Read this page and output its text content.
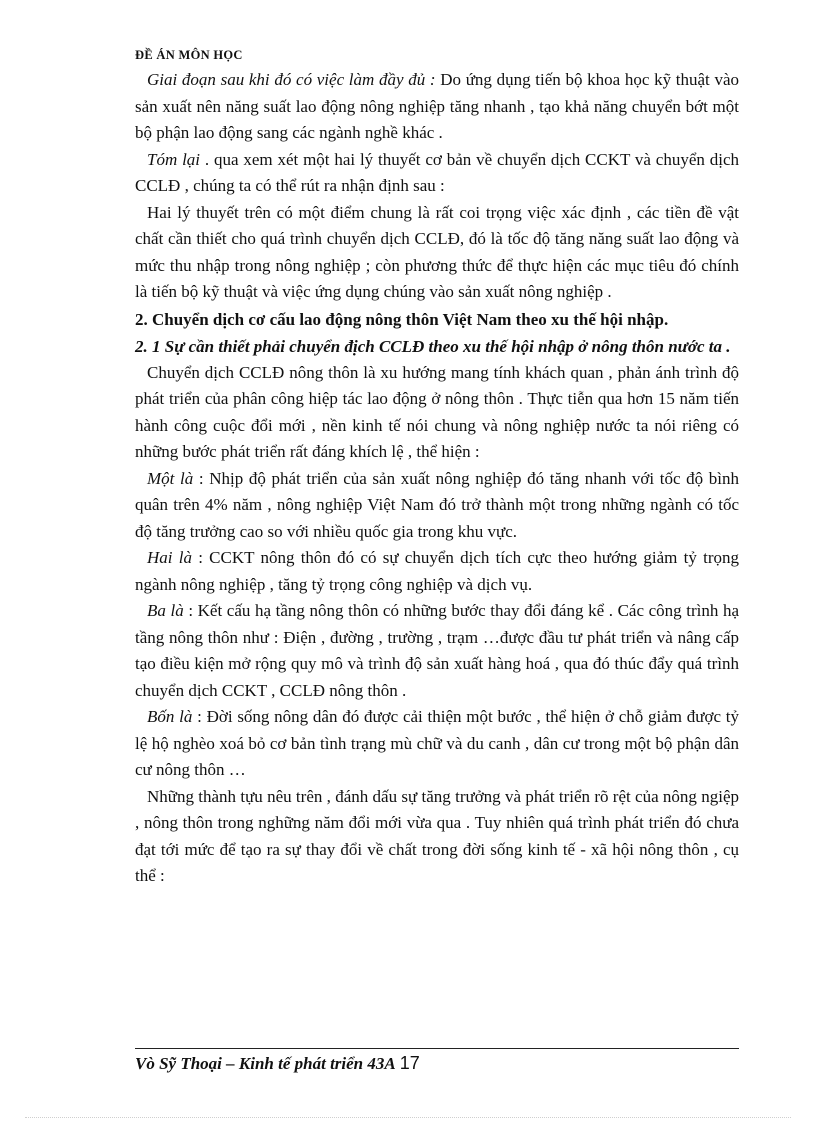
ĐỀ ÁN MÔN HỌC

Giai đoạn sau khi đó có việc làm đầy đủ : Do ứng dụng tiến bộ khoa học kỹ thuật vào sản xuất nên năng suất lao động nông nghiệp tăng nhanh , tạo khả năng chuyển bớt một bộ phận lao động sang các ngành nghề khác .

Tóm lại . qua xem xét một hai lý thuyết cơ bản về chuyển dịch CCKT và chuyển dịch CCLĐ , chúng ta có thể rút ra nhận định sau :

Hai lý thuyết trên có một điểm chung là rất coi trọng việc xác định , các tiền đề vật chất cần thiết cho quá trình chuyển dịch CCLĐ, đó là tốc độ tăng năng suất lao động và mức thu nhập trong nông nghiệp ; còn phương thức để thực hiện các mục tiêu đó chính là tiến bộ kỹ thuật và việc ứng dụng chúng vào sản xuất nông nghiệp .

2. Chuyển dịch cơ cấu lao động nông thôn Việt Nam theo xu thế hội nhập.
2. 1 Sự cần thiết phải chuyển địch CCLĐ theo xu thế hội nhập ở nông thôn nước ta .

Chuyển dịch CCLĐ nông thôn là xu hướng mang tính khách quan , phản ánh trình độ phát triển của phân công hiệp tác lao động ở nông thôn . Thực tiễn qua hơn 15 năm tiến hành công cuộc đổi mới , nền kinh tế nói chung và nông nghiệp nước ta nói riêng có những bước phát triển rất đáng khích lệ , thể hiện :

Một là : Nhịp độ phát triển của sản xuất nông nghiệp đó tăng nhanh với tốc độ bình quân trên 4% năm , nông nghiệp Việt Nam đó trở thành một trong những ngành có tốc độ tăng trưởng cao so với nhiều quốc gia trong khu vực.

Hai là : CCKT nông thôn đó có sự chuyển dịch tích cực theo hướng giảm tỷ trọng ngành nông nghiệp , tăng tỷ trọng công nghiệp và dịch vụ.

Ba là : Kết cấu hạ tầng nông thôn có những bước thay đổi đáng kể . Các công trình hạ tầng nông thôn như : Điện , đường , trường , trạm …được đầu tư phát triển và nâng cấp tạo điều kiện mở rộng quy mô và trình độ sản xuất hàng hoá , qua đó thúc đẩy quá trình chuyển dịch CCKT , CCLĐ nông thôn .

Bốn là : Đời sống nông dân đó được cải thiện một bước , thể hiện ở chỗ giảm được tỷ lệ hộ nghèo xoá bỏ cơ bản tình trạng mù chữ và du canh , dân cư trong một bộ phận dân cư nông thôn …

Những thành tựu nêu trên , đánh dấu sự tăng trưởng và phát triển rõ rệt của nông ngiệp , nông thôn trong nghững năm đổi mới vừa qua . Tuy nhiên quá trình phát triển đó chưa đạt tới mức để tạo ra sự thay đổi về chất trong đời sống kinh tế - xã hội nông thôn , cụ thể :

Vò Sỹ Thoại – Kinh tế phát triển 43A 17
